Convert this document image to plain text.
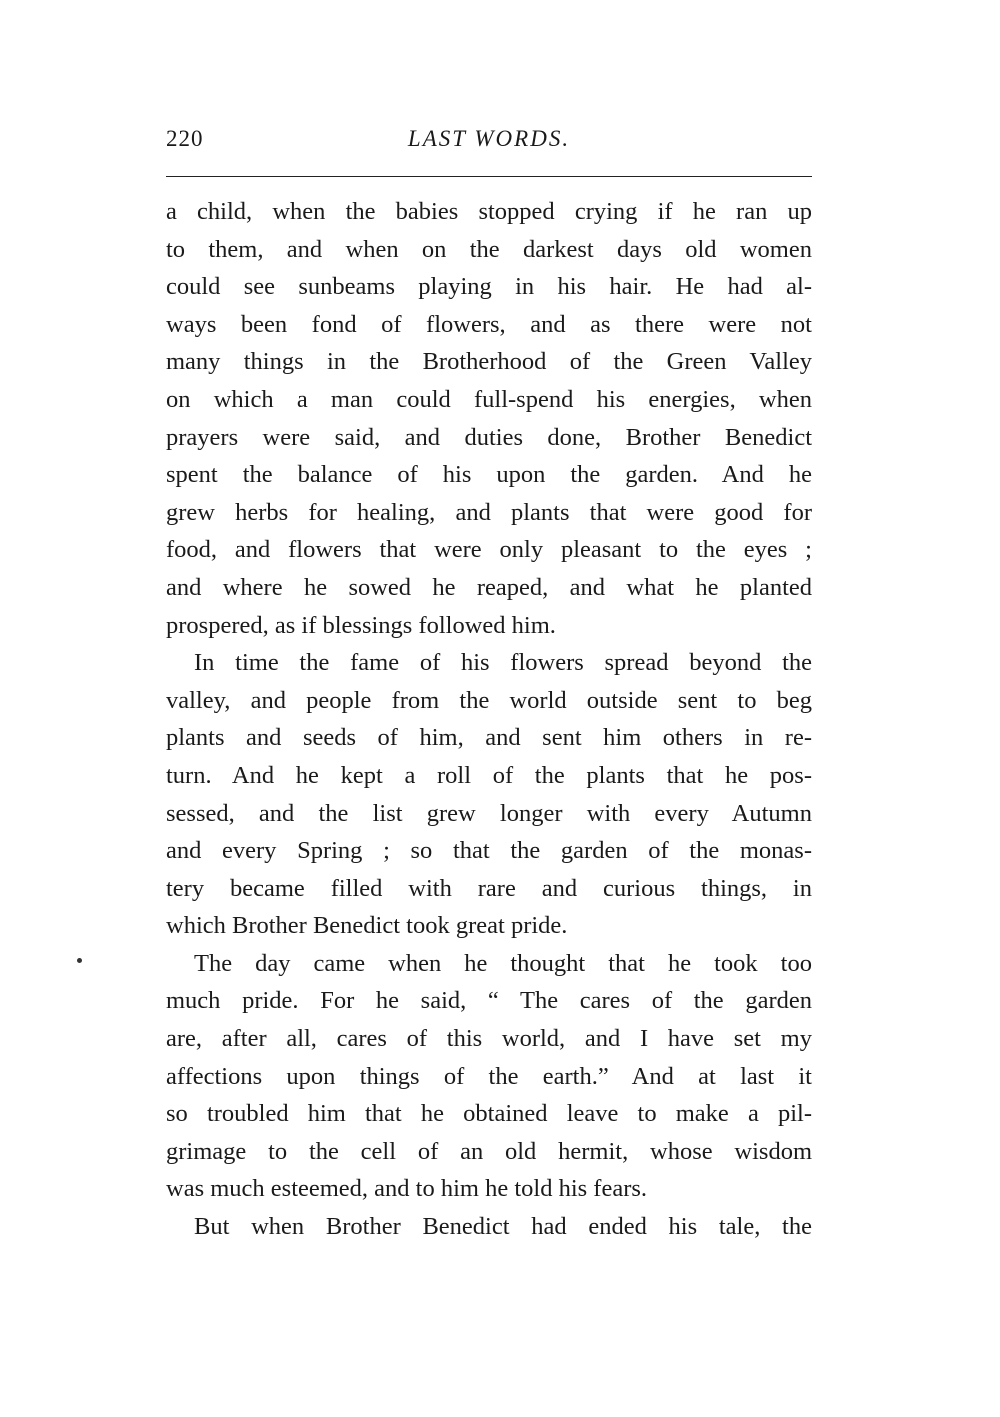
220	LAST WORDS.
a child, when the babies stopped crying if he ran up
to them, and when on the darkest days old women
could see sunbeams playing in his hair. He had al-
ways been fond of flowers, and as there were not
many things in the Brotherhood of the Green Valley
on which a man could full-spend his energies, when
prayers were said, and duties done, Brother Benedict
spent the balance of his upon the garden. And he
grew herbs for healing, and plants that were good for
food, and flowers that were only pleasant to the eyes ;
and where he sowed he reaped, and what he planted
prospered, as if blessings followed him.
In time the fame of his flowers spread beyond the
valley, and people from the world outside sent to beg
plants and seeds of him, and sent him others in re-
turn. And he kept a roll of the plants that he pos-
sessed, and the list grew longer with every Autumn
and every Spring ; so that the garden of the monas-
tery became filled with rare and curious things, in
which Brother Benedict took great pride.
The day came when he thought that he took too
much pride. For he said, “ The cares of the garden
are, after all, cares of this world, and I have set my
affections upon things of the earth.” And at last it
so troubled him that he obtained leave to make a pil-
grimage to the cell of an old hermit, whose wisdom
was much esteemed, and to him he told his fears.
But when Brother Benedict had ended his tale, the
